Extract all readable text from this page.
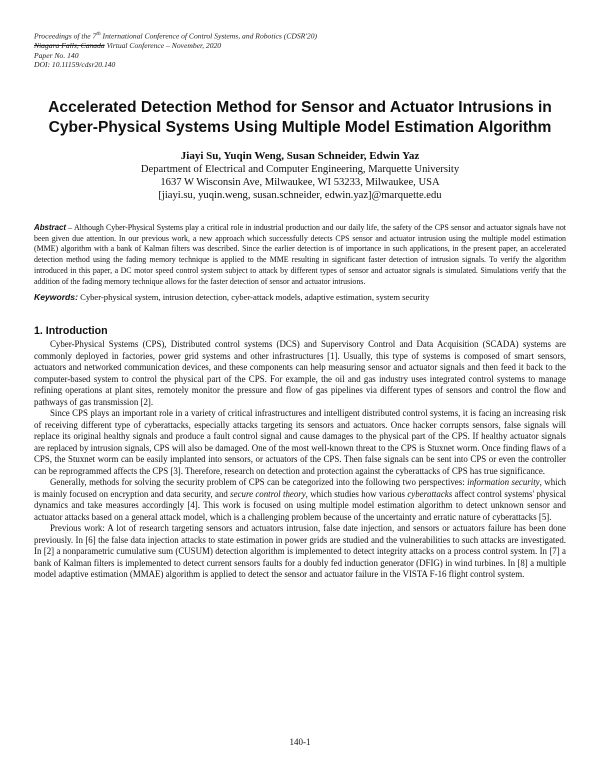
Proceedings of the 7th International Conference of Control Systems, and Robotics (CDSR'20)
Niagara Falls, Canada Virtual Conference – November, 2020
Paper No. 140
DOI: 10.11159/cdsr20.140
Accelerated Detection Method for Sensor and Actuator Intrusions in
Cyber-Physical Systems Using Multiple Model Estimation Algorithm
Jiayi Su, Yuqin Weng, Susan Schneider, Edwin Yaz
Department of Electrical and Computer Engineering, Marquette University
1637 W Wisconsin Ave, Milwaukee, WI 53233, Milwaukee, USA
[jiayi.su, yuqin.weng, susan.schneider, edwin.yaz]@marquette.edu
Abstract – Although Cyber-Physical Systems play a critical role in industrial production and our daily life, the safety of the CPS sensor and actuator signals have not been given due attention. In our previous work, a new approach which successfully detects CPS sensor and actuator intrusion using the multiple model estimation (MME) algorithm with a bank of Kalman filters was described. Since the earlier detection is of importance in such applications, in the present paper, an accelerated detection method using the fading memory technique is applied to the MME resulting in significant faster detection of intrusion signals. To verify the algorithm introduced in this paper, a DC motor speed control system subject to attack by different types of sensor and actuator signals is simulated. Simulations verify that the addition of the fading memory technique allows for the faster detection of sensor and actuator intrusions.
Keywords: Cyber-physical system, intrusion detection, cyber-attack models, adaptive estimation, system security
1. Introduction

Cyber-Physical Systems (CPS), Distributed control systems (DCS) and Supervisory Control and Data Acquisition (SCADA) systems are commonly deployed in factories, power grid systems and other infrastructures [1]. Usually, this type of systems is composed of smart sensors, actuators and networked communication devices, and these components can help measuring sensor and actuator signals and then feed it back to the computer-based system to control the physical part of the CPS. For example, the oil and gas industry uses integrated control systems to manage refining operations at plant sites, remotely monitor the pressure and flow of gas pipelines via different types of sensors and control the flow and pathways of gas transmission [2].

Since CPS plays an important role in a variety of critical infrastructures and intelligent distributed control systems, it is facing an increasing risk of receiving different type of cyberattacks, especially attacks targeting its sensors and actuators. Once hacker corrupts sensors, false signals will replace its original healthy signals and produce a fault control signal and cause damages to the physical part of the CPS. If healthy actuator signals are replaced by intrusion signals, CPS will also be damaged. One of the most well-known threat to the CPS is Stuxnet worm. Once finding flaws of a CPS, the Stuxnet worm can be easily implanted into sensors, or actuators of the CPS. Then false signals can be sent into CPS or even the controller can be reprogrammed affects the CPS [3]. Therefore, research on detection and protection against the cyberattacks of CPS has true significance.

Generally, methods for solving the security problem of CPS can be categorized into the following two perspectives: information security, which is mainly focused on encryption and data security, and secure control theory, which studies how various cyberattacks affect control systems' physical dynamics and take measures accordingly [4]. This work is focused on using multiple model estimation algorithm to detect unknown sensor and actuator attacks based on a general attack model, which is a challenging problem because of the uncertainty and erratic nature of cyberattacks [5].

Previous work: A lot of research targeting sensors and actuators intrusion, false date injection, and sensors or actuators failure has been done previously. In [6] the false data injection attacks to state estimation in power grids are studied and the vulnerabilities to such attacks are investigated. In [2] a nonparametric cumulative sum (CUSUM) detection algorithm is implemented to detect integrity attacks on a process control system. In [7] a bank of Kalman filters is implemented to detect current sensors faults for a doubly fed induction generator (DFIG) in wind turbines. In [8] a multiple model adaptive estimation (MMAE) algorithm is applied to detect the sensor and actuator failure in the VISTA F-16 flight control system.

140-1
